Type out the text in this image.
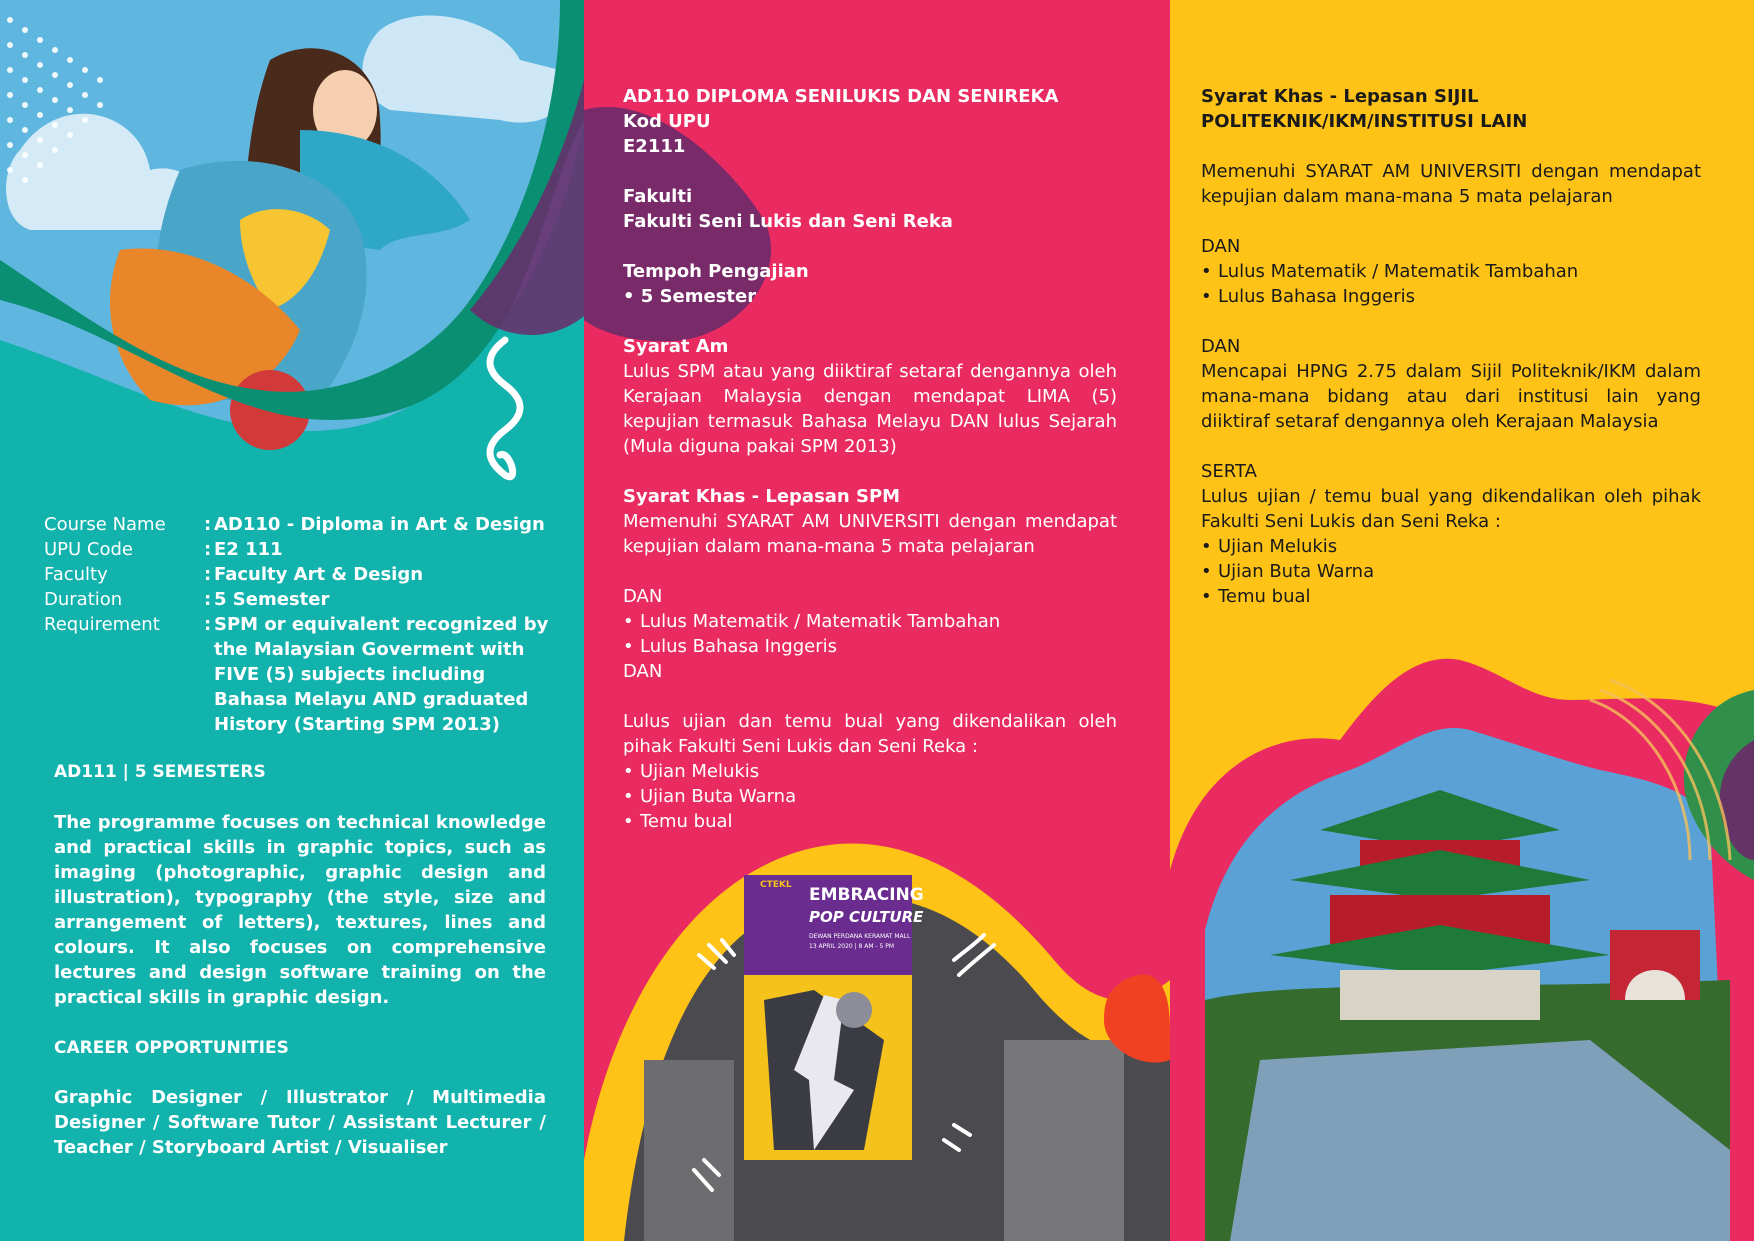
Course Name	: AD110 - Diploma in Art & Design
UPU Code	: E2 111
Faculty	: Faculty Art & Design
Duration	: 5 Semester
Requirement	: SPM or equivalent recognized by the Malaysian Goverment with FIVE (5) subjects including Bahasa Melayu AND graduated History (Starting SPM 2013)
AD111 | 5 SEMESTERS
The programme focuses on technical knowledge and practical skills in graphic topics, such as imaging (photographic, graphic design and illustration), typography (the style, size and arrangement of letters), textures, lines and colours. It also focuses on comprehensive lectures and design software training on the practical skills in graphic design.
CAREER OPPORTUNITIES
Graphic Designer / Illustrator / Multimedia Designer / Software Tutor / Assistant Lecturer / Teacher / Storyboard Artist / Visualiser
AD110 DIPLOMA SENILUKIS DAN SENIREKA
Kod UPU
E2111
Fakulti
Fakulti Seni Lukis dan Seni Reka
Tempoh Pengajian
• 5 Semester
Syarat Am
Lulus SPM atau yang diiktiraf setaraf dengannya oleh Kerajaan Malaysia dengan mendapat LIMA (5) kepujian termasuk Bahasa Melayu DAN lulus Sejarah (Mula diguna pakai SPM 2013)
Syarat Khas - Lepasan SPM
Memenuhi SYARAT AM UNIVERSITI dengan mendapat kepujian dalam mana-mana 5 mata pelajaran
DAN
• Lulus Matematik / Matematik Tambahan
• Lulus Bahasa Inggeris
DAN
Lulus ujian dan temu bual yang dikendalikan oleh pihak Fakulti Seni Lukis dan Seni Reka :
• Ujian Melukis
• Ujian Buta Warna
• Temu bual
CTEKL EMBRACING
POP CULTURE
DEWAN PERDANA KERAMAT MALL
13 APRIL 2020 | 8 AM - 5 PM
Syarat Khas - Lepasan SIJIL
POLITEKNIK/IKM/INSTITUSI LAIN
Memenuhi SYARAT AM UNIVERSITI dengan mendapat kepujian dalam mana-mana 5 mata pelajaran
DAN
• Lulus Matematik / Matematik Tambahan
• Lulus Bahasa Inggeris
DAN
Mencapai HPNG 2.75 dalam Sijil Politeknik/IKM dalam mana-mana bidang atau dari institusi lain yang diiktiraf setaraf dengannya oleh Kerajaan Malaysia
SERTA
Lulus ujian / temu bual yang dikendalikan oleh pihak Fakulti Seni Lukis dan Seni Reka :
• Ujian Melukis
• Ujian Buta Warna
• Temu bual
